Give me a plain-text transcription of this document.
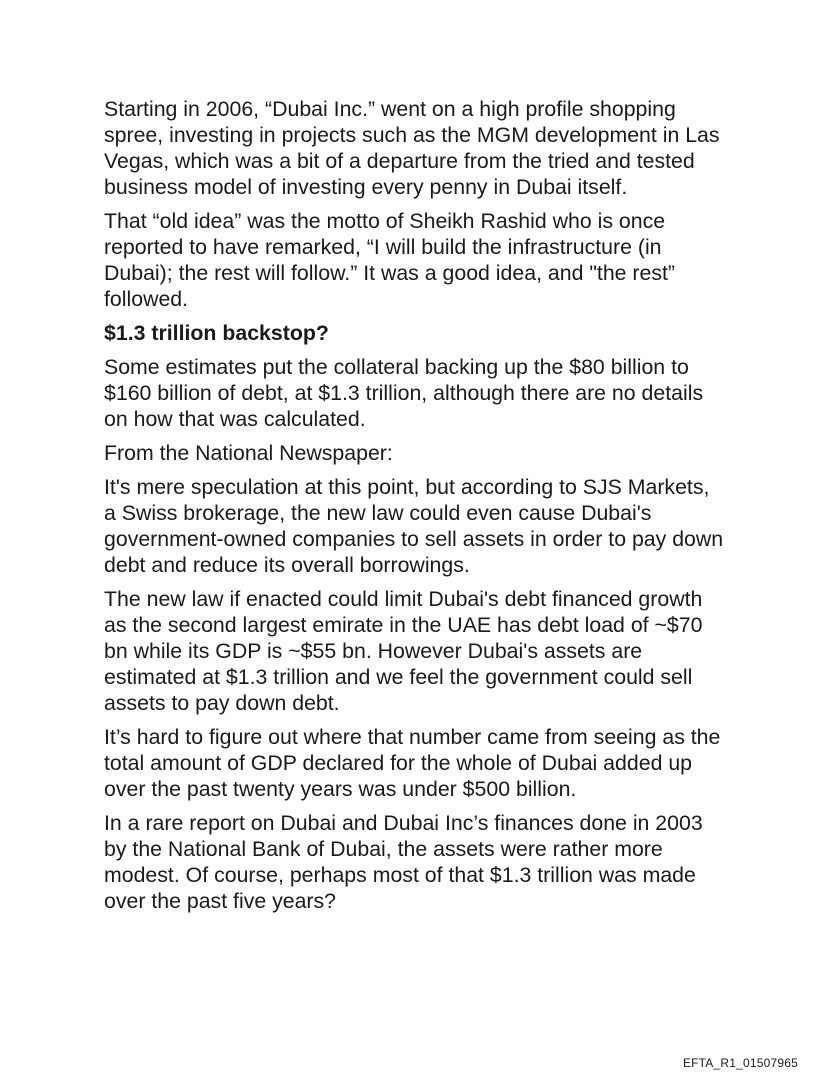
Starting in 2006, “Dubai Inc.” went on a high profile shopping spree, investing in projects such as the MGM development in Las Vegas, which was a bit of a departure from the tried and tested business model of investing every penny in Dubai itself.

That “old idea” was the motto of Sheikh Rashid who is once reported to have remarked, “I will build the infrastructure (in Dubai); the rest will follow.” It was a good idea, and "the rest” followed.

$1.3 trillion backstop?

Some estimates put the collateral backing up the $80 billion to $160 billion of debt, at $1.3 trillion, although there are no details on how that was calculated.

From the National Newspaper:

It's mere speculation at this point, but according to SJS Markets, a Swiss brokerage, the new law could even cause Dubai's government-owned companies to sell assets in order to pay down debt and reduce its overall borrowings.

The new law if enacted could limit Dubai's debt financed growth as the second largest emirate in the UAE has debt load of ~$70 bn while its GDP is ~$55 bn. However Dubai's assets are estimated at $1.3 trillion and we feel the government could sell assets to pay down debt.

It’s hard to figure out where that number came from seeing as the total amount of GDP declared for the whole of Dubai added up over the past twenty years was under $500 billion.

In a rare report on Dubai and Dubai Inc’s finances done in 2003 by the National Bank of Dubai, the assets were rather more modest. Of course, perhaps most of that $1.3 trillion was made over the past five years?

EFTA_R1_01507965
